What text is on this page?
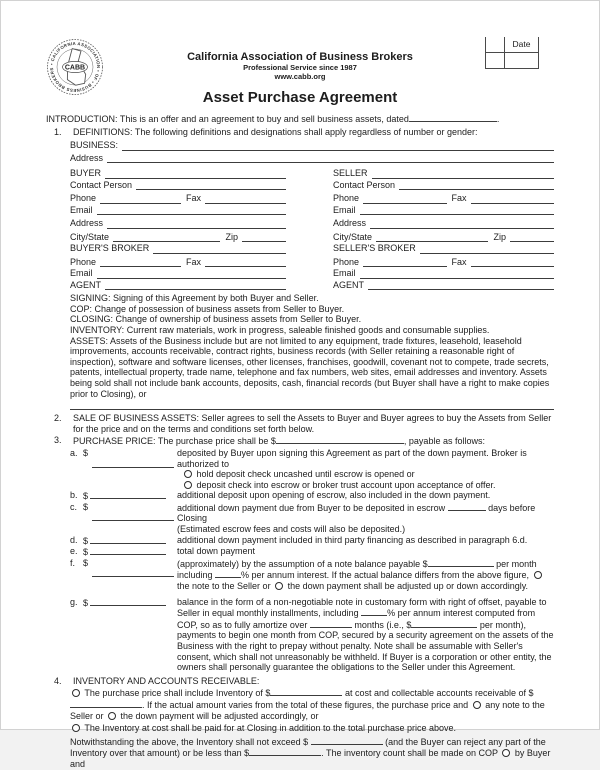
• CALIFORNIA ASSOCIATION • OF • BUSINESS BROKERS	CABB
California Association of Business Brokers
Professional Service since 1987
www.cabb.org
Asset Purchase Agreement
Date
INTRODUCTION: This is an offer and an agreement to buy and sell business assets, dated	.
1.	DEFINITIONS: The following definitions and designations shall apply regardless of number or gender:
BUSINESS:
Address
BUYER
Contact Person
Phone	Fax
Email
Address
City/State	Zip
BUYER'S BROKER
Phone	Fax
Email
AGENT
SELLER
Contact Person
Phone	Fax
Email
Address
City/State	Zip
SELLER'S BROKER
Phone	Fax
Email
AGENT

SIGNING: Signing of this Agreement by both Buyer and Seller.

COP: Change of possession of business assets from Seller to Buyer.

CLOSING: Change of ownership of business assets from Seller to Buyer.

INVENTORY: Current raw materials, work in progress, saleable finished goods and consumable supplies.

ASSETS: Assets of the Business include but are not limited to any equipment, trade fixtures, leasehold, leasehold improvements, accounts receivable, contract rights, business records (with Seller retaining a reasonable right of inspection), software and software licenses, other licenses, franchises, goodwill, covenant not to compete, trade secrets, patents, intellectual property, trade name, telephone and fax numbers, web sites, email addresses and inventory. Assets being sold shall not include bank accounts, deposits, cash, financial records (but Buyer shall have a right to make copies prior to Closing), or

2.	SALE OF BUSINESS ASSETS: Seller agrees to sell the Assets to Buyer and Buyer agrees to buy the Assets from Seller for the price and on the terms and conditions set forth below.
3.	PURCHASE PRICE: The purchase price shall be $	, payable as follows:
a. $	deposited by Buyer upon signing this Agreement as part of the down payment. Broker is
authorized to
hold deposit check uncashed until escrow is opened or
deposit check into escrow or broker trust account upon acceptance of offer.
b. $	additional deposit upon opening of escrow, also included in the down payment.
c. $	additional down payment due from Buyer to be deposited in escrow	days before Closing
(Estimated escrow fees and costs will also be deposited.)
d. $	additional down payment included in third party financing as described in paragraph 6.d.
e. $	total down payment
f. $	(approximately) by the assumption of a note balance payable $	per month including	% per annum interest. If the actual balance differs from the above figure,  the note to the Seller or  the down payment shall be adjusted up or down accordingly.
g. $	balance in the form of a non-negotiable note in customary form with right of offset, payable to Seller in equal monthly installments, including	% per annum interest computed from COP, so as to fully amortize over	months (i.e., $	per month), payments to begin one month from COP, secured by a security agreement on the assets of the Business with the right to prepay without penalty. Note shall be assumable with Seller's consent, which shall not unreasonably be withheld. If Buyer is a corporation or other entity, the owners shall personally guarantee the obligations to the Seller under this Agreement.
4.	INVENTORY AND ACCOUNTS RECEIVABLE:
The purchase price shall include Inventory of $	at cost and collectable accounts receivable of $. If the actual amount varies from the total of these figures, the purchase price and  any note to the Seller or  the down payment will be adjusted accordingly, or
The Inventory at cost shall be paid for at Closing in addition to the total purchase price above.
Notwithstanding the above, the Inventory shall not exceed $	(and the Buyer can reject any part of the Inventory over that amount) or be less than $	. The inventory count shall be made on COP  by Buyer and
